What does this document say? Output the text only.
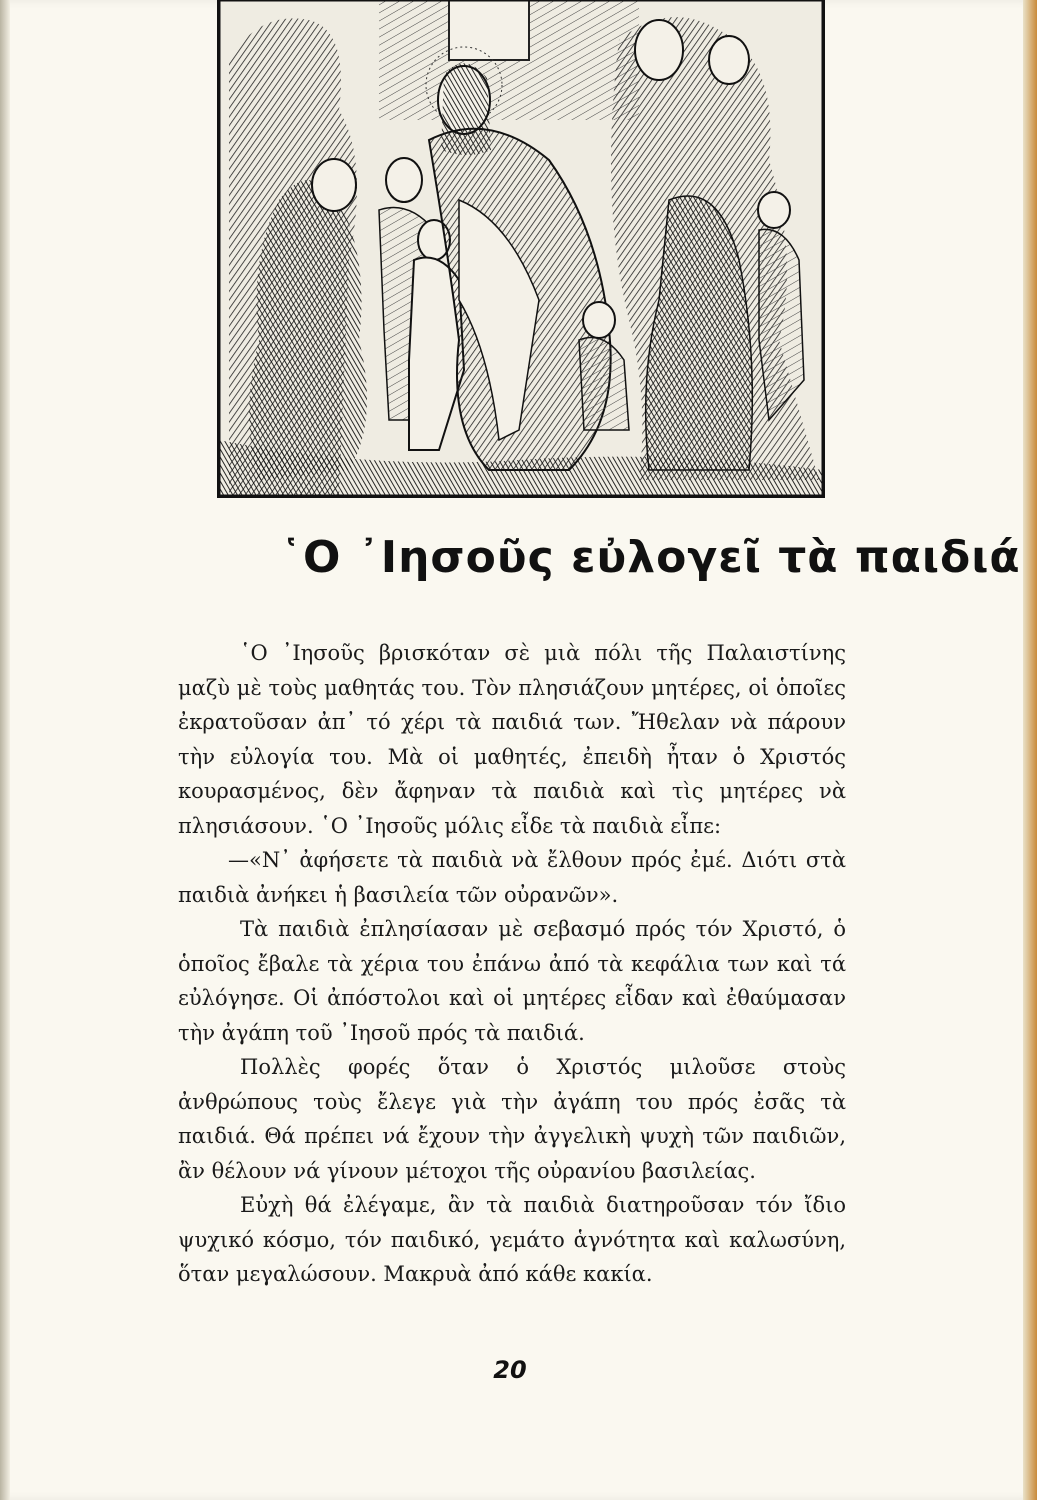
῾Ο ᾿Ιησοῦς εὐλογεῖ τὰ παιδιά

῾Ο ᾿Ιησοῦς βρισκόταν σὲ μιὰ πόλι τῆς Παλαιστίνης μαζὺ μὲ τοὺς μαθητάς του. Τὸν πλησιάζουν μητέρες, οἱ ὁποῖες ἐκρατοῦσαν ἀπ᾿ τό χέρι τὰ παιδιά των. Ἤθελαν νὰ πάρουν τὴν εὐλογία του. Μὰ οἱ μαθητές, ἐπειδὴ ἦταν ὁ Χριστός κουρασμένος, δὲν ἄφηναν τὰ παιδιὰ καὶ τὶς μητέρες νὰ πλησιάσουν. ῾Ο ᾿Ιησοῦς μόλις εἶδε τὰ παιδιὰ εἶπε:

—«Ν᾿ ἀφήσετε τὰ παιδιὰ νὰ ἔλθουν πρός ἐμέ. Διότι στὰ παιδιὰ ἀνήκει ἡ βασιλεία τῶν οὐρανῶν».

Τὰ παιδιὰ ἐπλησίασαν μὲ σεβασμό πρός τόν Χριστό, ὁ ὁποῖος ἔβαλε τὰ χέρια του ἐπάνω ἀπό τὰ κεφάλια των καὶ τά εὐλόγησε. Οἱ ἀπόστολοι καὶ οἱ μητέρες εἶδαν καὶ ἐθαύμασαν τὴν ἀγάπη τοῦ ᾿Ιησοῦ πρός τὰ παιδιά.

Πολλὲς φορές ὅταν ὁ Χριστός μιλοῦσε στοὺς ἀνθρώπους τοὺς ἔλεγε γιὰ τὴν ἀγάπη του πρός ἐσᾶς τὰ παιδιά. Θά πρέπει νά ἔχουν τὴν ἀγγελικὴ ψυχὴ τῶν παιδιῶν, ἂν θέλουν νά γίνουν μέτοχοι τῆς οὐρανίου βασιλείας.

Εὐχὴ θά ἐλέγαμε, ἂν τὰ παιδιὰ διατηροῦσαν τόν ἴδιο ψυχικό κόσμο, τόν παιδικό, γεμάτο ἁγνότητα καὶ καλωσύνη, ὅταν μεγαλώσουν. Μακρυὰ ἀπό κάθε κακία.

20
